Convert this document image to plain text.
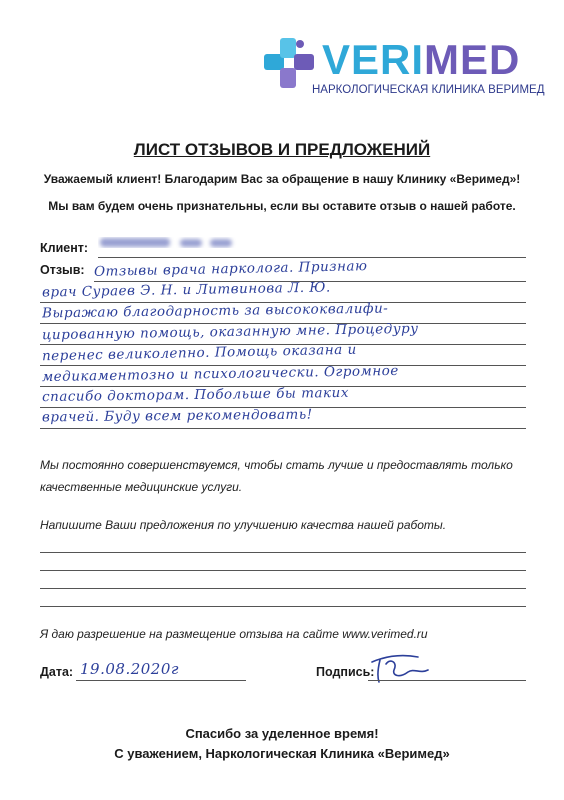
VERIMED
НАРКОЛОГИЧЕСКАЯ КЛИНИКА ВЕРИМЕД
ЛИСТ ОТЗЫВОВ И ПРЕДЛОЖЕНИЙ
Уважаемый клиент! Благодарим Вас за обращение в нашу Клинику «Веримед»!
Мы вам будем очень признательны, если вы оставите отзыв о нашей работе.
Клиент:
Отзыв: Отзывы врача нарколога. Признаю
врач Сураев Э. Н. и Литвинова Л. Ю.
Выражаю благодарность за высококвалифи-
цированную помощь, оказанную мне. Процедуру
перенес великолепно. Помощь оказана и
медикаментозно и психологически. Огромное
спасибо докторам. Побольше бы таких
врачей. Буду всем рекомендовать!
Мы постоянно совершенствуемся, чтобы стать лучше и предоставлять только
качественные медицинские услуги.
Напишите Ваши предложения по улучшению качества нашей работы.
Я даю разрешение на размещение отзыва на сайте www.verimed.ru
Дата: 19.08.2020г	Подпись:
Спасибо за уделенное время!
С уважением, Наркологическая Клиника «Веримед»
